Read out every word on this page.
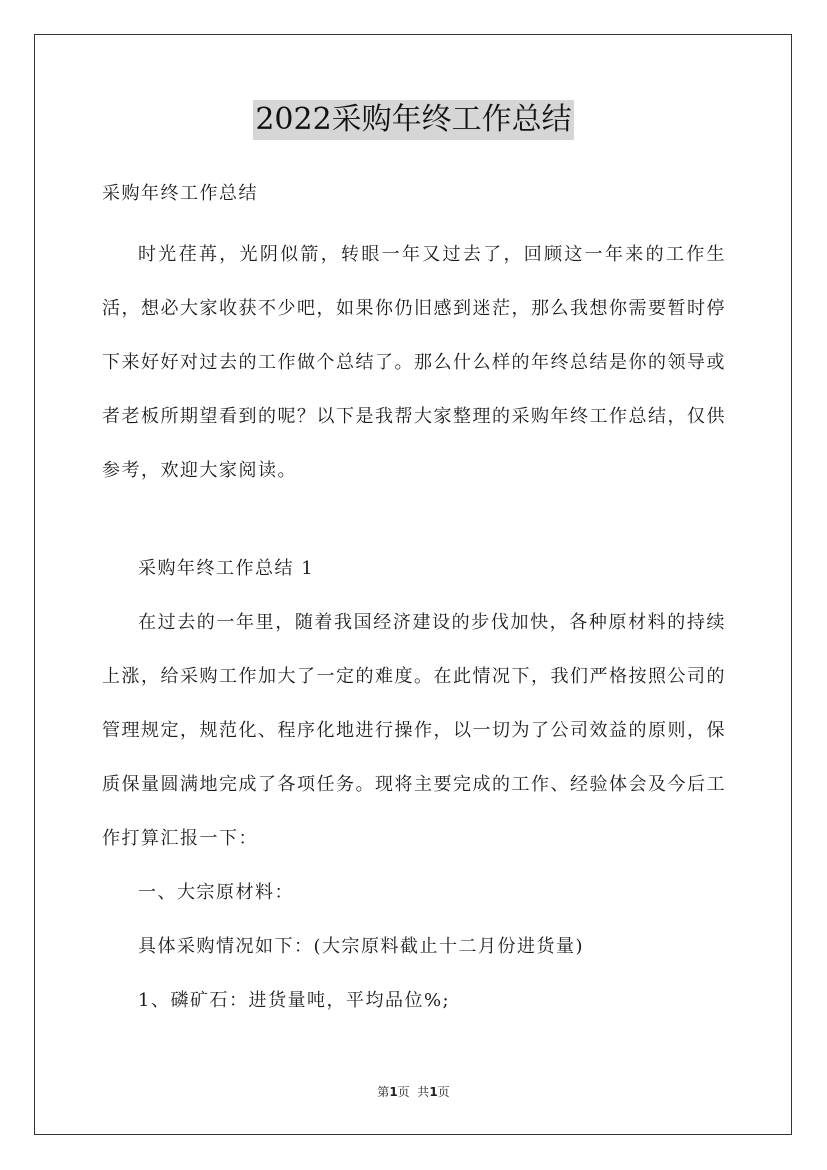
2022采购年终工作总结

采购年终工作总结

时光荏苒，光阴似箭，转眼一年又过去了，回顾这一年来的工作生活，想必大家收获不少吧，如果你仍旧感到迷茫，那么我想你需要暂时停下来好好对过去的工作做个总结了。那么什么样的年终总结是你的领导或者老板所期望看到的呢？以下是我帮大家整理的采购年终工作总结，仅供参考，欢迎大家阅读。

采购年终工作总结 1

在过去的一年里，随着我国经济建设的步伐加快，各种原材料的持续上涨，给采购工作加大了一定的难度。在此情况下，我们严格按照公司的管理规定，规范化、程序化地进行操作，以一切为了公司效益的原则，保质保量圆满地完成了各项任务。现将主要完成的工作、经验体会及今后工作打算汇报一下：

一、大宗原材料：

具体采购情况如下：(大宗原料截止十二月份进货量)

1、磷矿石：进货量吨，平均品位%;

第1页  共1页
